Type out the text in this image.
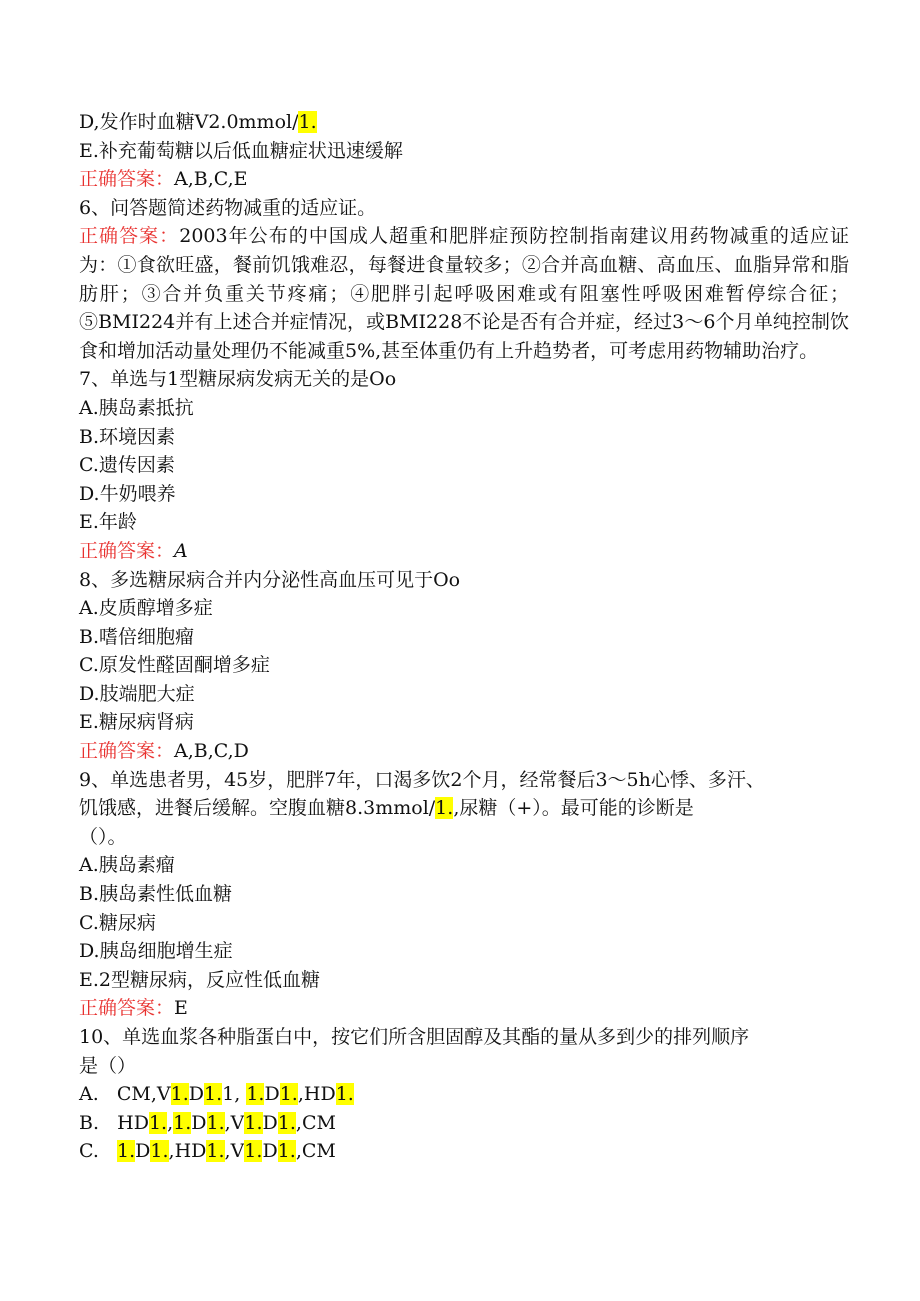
D,发作时血糖V2.0mmol/1.
E.补充葡萄糖以后低血糖症状迅速缓解
正确答案：A,B,C,E
6、问答题简述药物减重的适应证。
正确答案：2003年公布的中国成人超重和肥胖症预防控制指南建议用药物减重的适应证为：①食欲旺盛，餐前饥饿难忍，每餐进食量较多；②合并高血糖、高血压、血脂异常和脂肪肝；③合并负重关节疼痛；④肥胖引起呼吸困难或有阻塞性呼吸困难暂停综合征；⑤BMI224并有上述合并症情况，或BMI228不论是否有合并症，经过3～6个月单纯控制饮食和增加活动量处理仍不能减重5%,甚至体重仍有上升趋势者，可考虑用药物辅助治疗。
7、单选与1型糖尿病发病无关的是Oo
A.胰岛素抵抗
B.环境因素
C.遗传因素
D.牛奶喂养
E.年龄
正确答案：A
8、多选糖尿病合并内分泌性高血压可见于Oo
A.皮质醇增多症
B.嗜倍细胞瘤
C.原发性醛固酮增多症
D.肢端肥大症
E.糖尿病肾病
正确答案：A,B,C,D
9、单选患者男，45岁，肥胖7年，口渴多饮2个月，经常餐后3～5h心悸、多汗、
饥饿感，进餐后缓解。空腹血糖8.3mmol/1.,尿糖（+）。最可能的诊断是
（）。
A.胰岛素瘤
B.胰岛素性低血糖
C.糖尿病
D.胰岛细胞增生症
E.2型糖尿病，反应性低血糖
正确答案：E
10、单选血浆各种脂蛋白中，按它们所含胆固醇及其酯的量从多到少的排列顺序
是（）
A.   CM,V1.D1.1, 1.D1.,HD1.
B.   HD1.,1.D1.,V1.D1.,CM
C.   1.D1.,HD1.,V1.D1.,CM
